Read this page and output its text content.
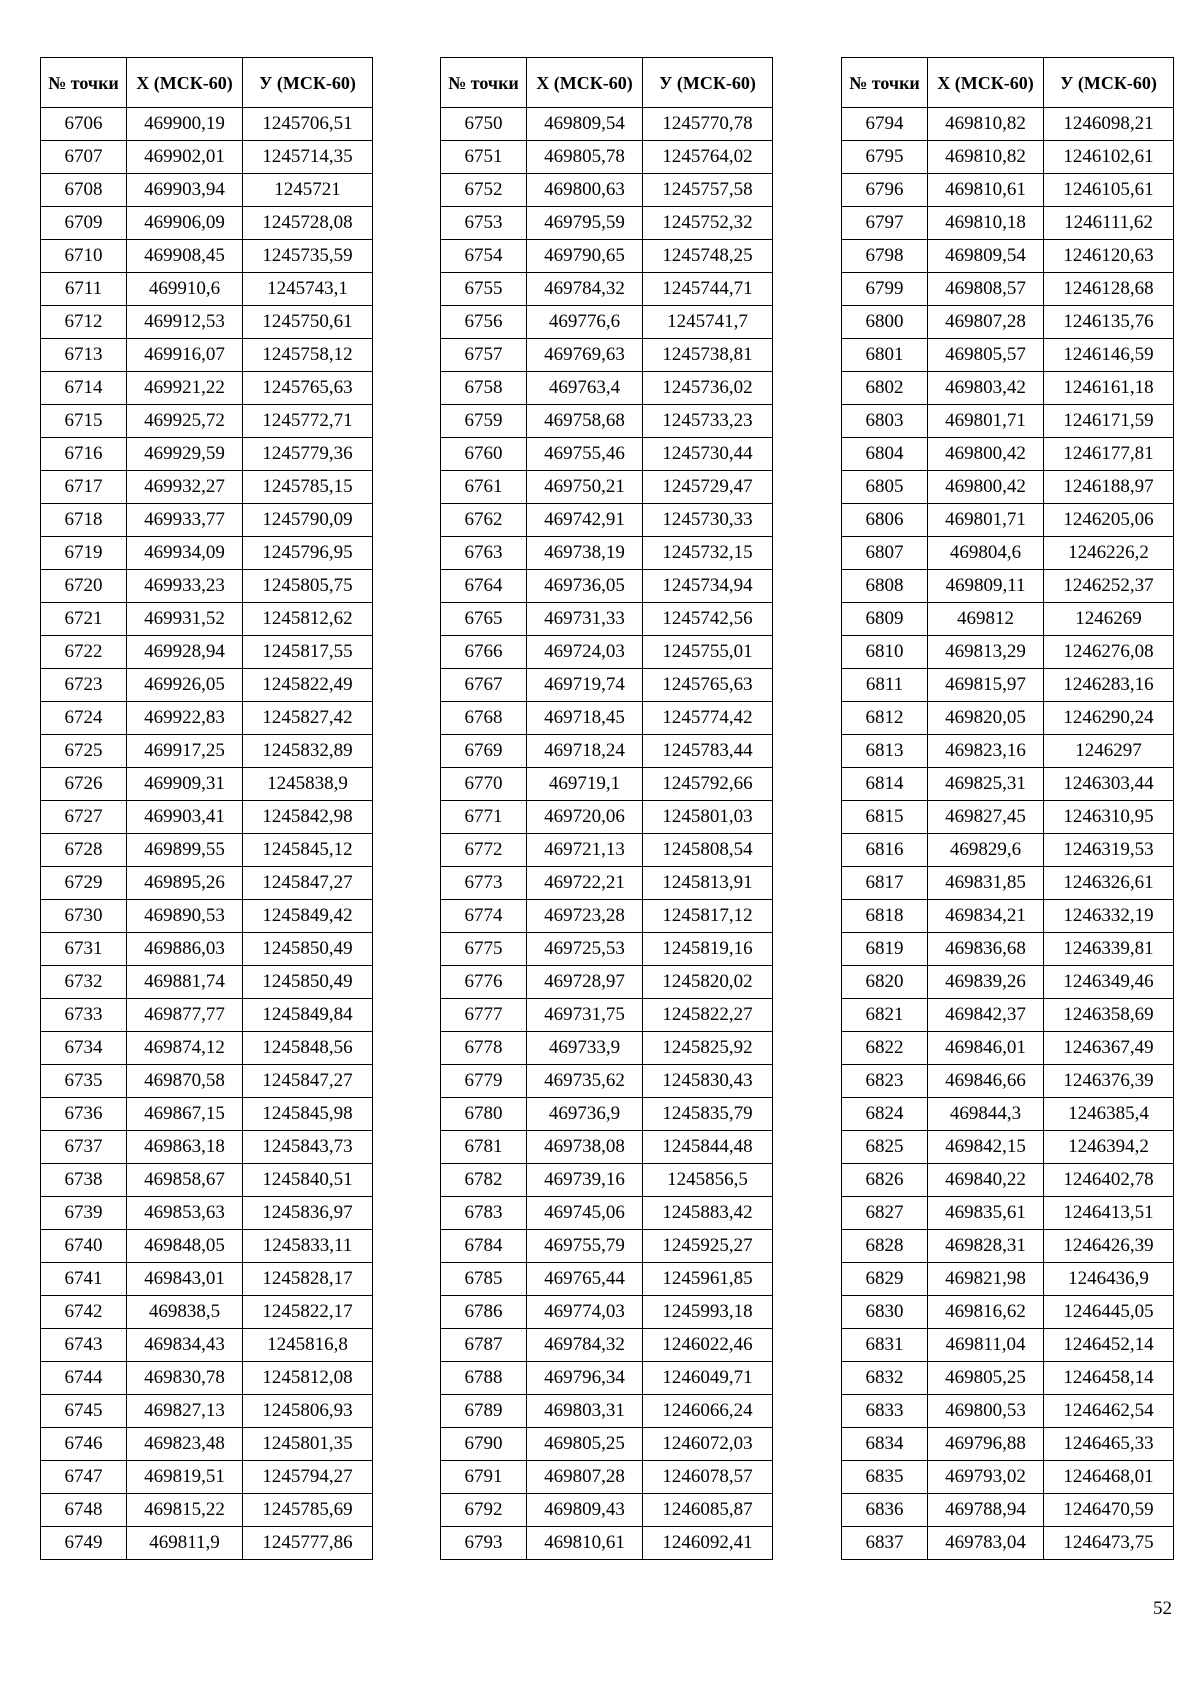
№ точки	Х (МСК-60)	У (МСК-60)
6706	469900,19	1245706,51
6707	469902,01	1245714,35
6708	469903,94	1245721
6709	469906,09	1245728,08
6710	469908,45	1245735,59
6711	469910,6	1245743,1
6712	469912,53	1245750,61
6713	469916,07	1245758,12
6714	469921,22	1245765,63
6715	469925,72	1245772,71
6716	469929,59	1245779,36
6717	469932,27	1245785,15
6718	469933,77	1245790,09
6719	469934,09	1245796,95
6720	469933,23	1245805,75
6721	469931,52	1245812,62
6722	469928,94	1245817,55
6723	469926,05	1245822,49
6724	469922,83	1245827,42
6725	469917,25	1245832,89
6726	469909,31	1245838,9
6727	469903,41	1245842,98
6728	469899,55	1245845,12
6729	469895,26	1245847,27
6730	469890,53	1245849,42
6731	469886,03	1245850,49
6732	469881,74	1245850,49
6733	469877,77	1245849,84
6734	469874,12	1245848,56
6735	469870,58	1245847,27
6736	469867,15	1245845,98
6737	469863,18	1245843,73
6738	469858,67	1245840,51
6739	469853,63	1245836,97
6740	469848,05	1245833,11
6741	469843,01	1245828,17
6742	469838,5	1245822,17
6743	469834,43	1245816,8
6744	469830,78	1245812,08
6745	469827,13	1245806,93
6746	469823,48	1245801,35
6747	469819,51	1245794,27
6748	469815,22	1245785,69
6749	469811,9	1245777,86
№ точки	Х (МСК-60)	У (МСК-60)
6750	469809,54	1245770,78
6751	469805,78	1245764,02
6752	469800,63	1245757,58
6753	469795,59	1245752,32
6754	469790,65	1245748,25
6755	469784,32	1245744,71
6756	469776,6	1245741,7
6757	469769,63	1245738,81
6758	469763,4	1245736,02
6759	469758,68	1245733,23
6760	469755,46	1245730,44
6761	469750,21	1245729,47
6762	469742,91	1245730,33
6763	469738,19	1245732,15
6764	469736,05	1245734,94
6765	469731,33	1245742,56
6766	469724,03	1245755,01
6767	469719,74	1245765,63
6768	469718,45	1245774,42
6769	469718,24	1245783,44
6770	469719,1	1245792,66
6771	469720,06	1245801,03
6772	469721,13	1245808,54
6773	469722,21	1245813,91
6774	469723,28	1245817,12
6775	469725,53	1245819,16
6776	469728,97	1245820,02
6777	469731,75	1245822,27
6778	469733,9	1245825,92
6779	469735,62	1245830,43
6780	469736,9	1245835,79
6781	469738,08	1245844,48
6782	469739,16	1245856,5
6783	469745,06	1245883,42
6784	469755,79	1245925,27
6785	469765,44	1245961,85
6786	469774,03	1245993,18
6787	469784,32	1246022,46
6788	469796,34	1246049,71
6789	469803,31	1246066,24
6790	469805,25	1246072,03
6791	469807,28	1246078,57
6792	469809,43	1246085,87
6793	469810,61	1246092,41
№ точки	Х (МСК-60)	У (МСК-60)
6794	469810,82	1246098,21
6795	469810,82	1246102,61
6796	469810,61	1246105,61
6797	469810,18	1246111,62
6798	469809,54	1246120,63
6799	469808,57	1246128,68
6800	469807,28	1246135,76
6801	469805,57	1246146,59
6802	469803,42	1246161,18
6803	469801,71	1246171,59
6804	469800,42	1246177,81
6805	469800,42	1246188,97
6806	469801,71	1246205,06
6807	469804,6	1246226,2
6808	469809,11	1246252,37
6809	469812	1246269
6810	469813,29	1246276,08
6811	469815,97	1246283,16
6812	469820,05	1246290,24
6813	469823,16	1246297
6814	469825,31	1246303,44
6815	469827,45	1246310,95
6816	469829,6	1246319,53
6817	469831,85	1246326,61
6818	469834,21	1246332,19
6819	469836,68	1246339,81
6820	469839,26	1246349,46
6821	469842,37	1246358,69
6822	469846,01	1246367,49
6823	469846,66	1246376,39
6824	469844,3	1246385,4
6825	469842,15	1246394,2
6826	469840,22	1246402,78
6827	469835,61	1246413,51
6828	469828,31	1246426,39
6829	469821,98	1246436,9
6830	469816,62	1246445,05
6831	469811,04	1246452,14
6832	469805,25	1246458,14
6833	469800,53	1246462,54
6834	469796,88	1246465,33
6835	469793,02	1246468,01
6836	469788,94	1246470,59
6837	469783,04	1246473,75
52
